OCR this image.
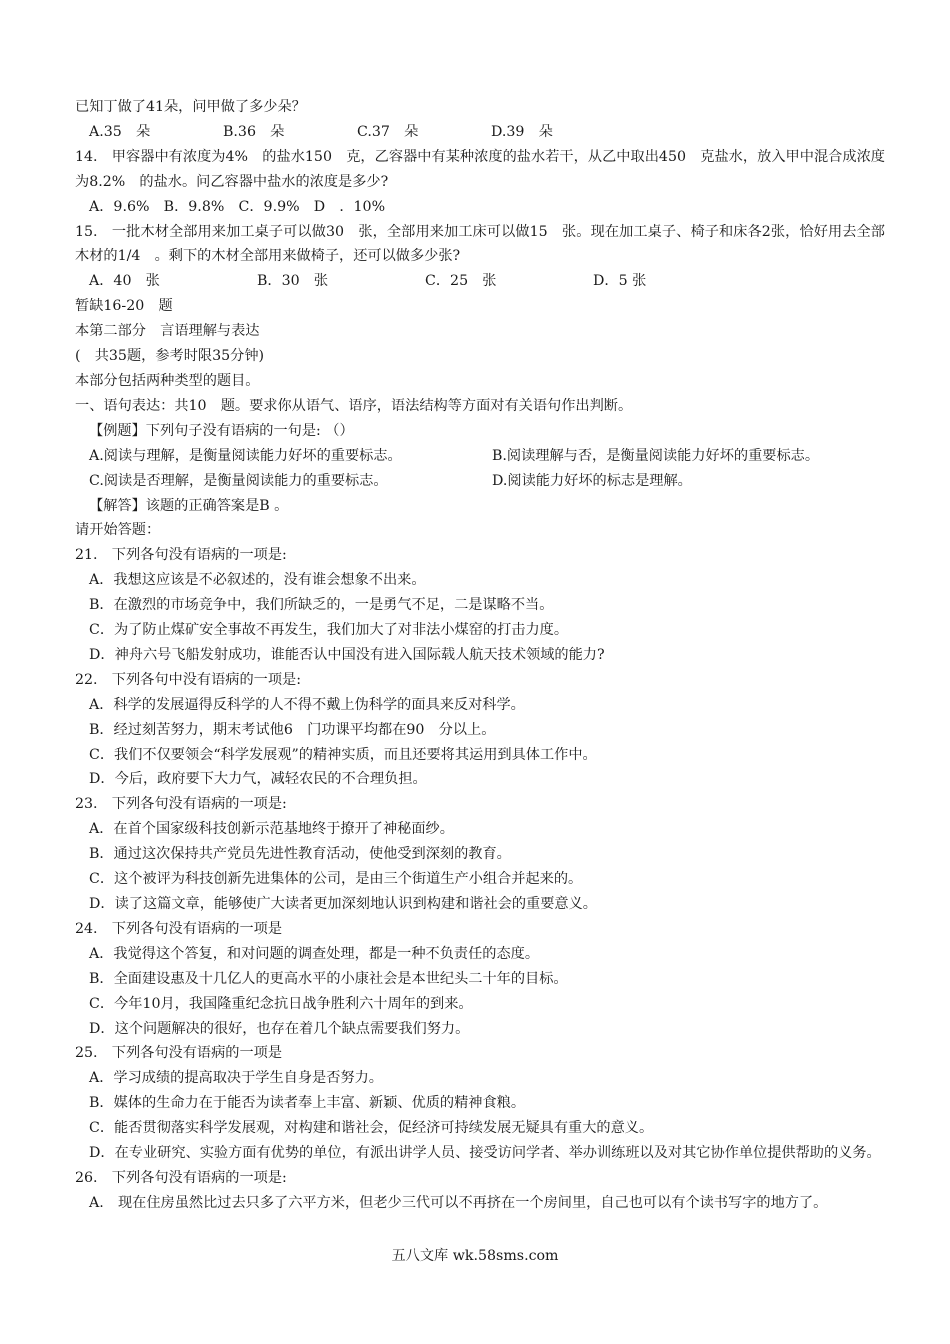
已知丁做了41朵，问甲做了多少朵？
A.35　朵	B.36　朵	C.37　朵	D.39　朵
14.　甲容器中有浓度为4%　的盐水150　克，乙容器中有某种浓度的盐水若干，从乙中取出450　克盐水，放入甲中混合成浓度为8.2%　的盐水。问乙容器中盐水的浓度是多少?
A．9.6%　B．9.8%　C．9.9%　D　．10%
15.　一批木材全部用来加工桌子可以做30　张，全部用来加工床可以做15　张。现在加工桌子、椅子和床各2张，恰好用去全部木材的1/4　。剩下的木材全部用来做椅子，还可以做多少张?
A．40　张	B．30　张	C．25　张	D．5 张
暂缺16-20　题
本第二部分　言语理解与表达
(　共35题，参考时限35分钟)
本部分包括两种类型的题目。
一、语句表达：共10　题。要求你从语气、语序，语法结构等方面对有关语句作出判断。
【例题】下列句子没有语病的一句是: （）
A.阅读与理解，是衡量阅读能力好坏的重要标志。	B.阅读理解与否，是衡量阅读能力好坏的重要标志。
C.阅读是否理解，是衡量阅读能力的重要标志。	D.阅读能力好坏的标志是理解。
【解答】该题的正确答案是B 。
请开始答题：
21.　下列各句没有语病的一项是:
A．我想这应该是不必叙述的，没有谁会想象不出来。
B．在激烈的市场竞争中，我们所缺乏的，一是勇气不足，二是谋略不当。
C．为了防止煤矿安全事故不再发生，我们加大了对非法小煤窑的打击力度。
D．神舟六号飞船发射成功，谁能否认中国没有进入国际载人航天技术领域的能力?
22.　下列各句中没有语病的一项是:
A．科学的发展逼得反科学的人不得不戴上伪科学的面具来反对科学。
B．经过刻苦努力，期末考试他6　门功课平均都在90　分以上。
C．我们不仅要领会“科学发展观”的精神实质，而且还要将其运用到具体工作中。
D．今后，政府要下大力气，减轻农民的不合理负担。
23.　下列各句没有语病的一项是:
A．在首个国家级科技创新示范基地终于撩开了神秘面纱。
B．通过这次保持共产党员先进性教育活动，使他受到深刻的教育。
C．这个被评为科技创新先进集体的公司，是由三个街道生产小组合并起来的。
D．读了这篇文章，能够使广大读者更加深刻地认识到构建和谐社会的重要意义。
24.　下列各句没有语病的一项是
A．我觉得这个答复，和对问题的调查处理，都是一种不负责任的态度。
B．全面建设惠及十几亿人的更高水平的小康社会是本世纪头二十年的目标。
C．今年10月，我国隆重纪念抗日战争胜利六十周年的到来。
D．这个问题解决的很好，也存在着几个缺点需要我们努力。
25.　下列各句没有语病的一项是
A．学习成绩的提高取决于学生自身是否努力。
B．媒体的生命力在于能否为读者奉上丰富、新颖、优质的精神食粮。
C．能否贯彻落实科学发展观，对构建和谐社会，促经济可持续发展无疑具有重大的意义。
D．在专业研究、实验方面有优势的单位，有派出讲学人员、接受访问学者、举办训练班以及对其它协作单位提供帮助的义务。
26.　下列各句没有语病的一项是:
A.　现在住房虽然比过去只多了六平方米，但老少三代可以不再挤在一个房间里，自己也可以有个读书写字的地方了。
五八文库 wk.58sms.com
